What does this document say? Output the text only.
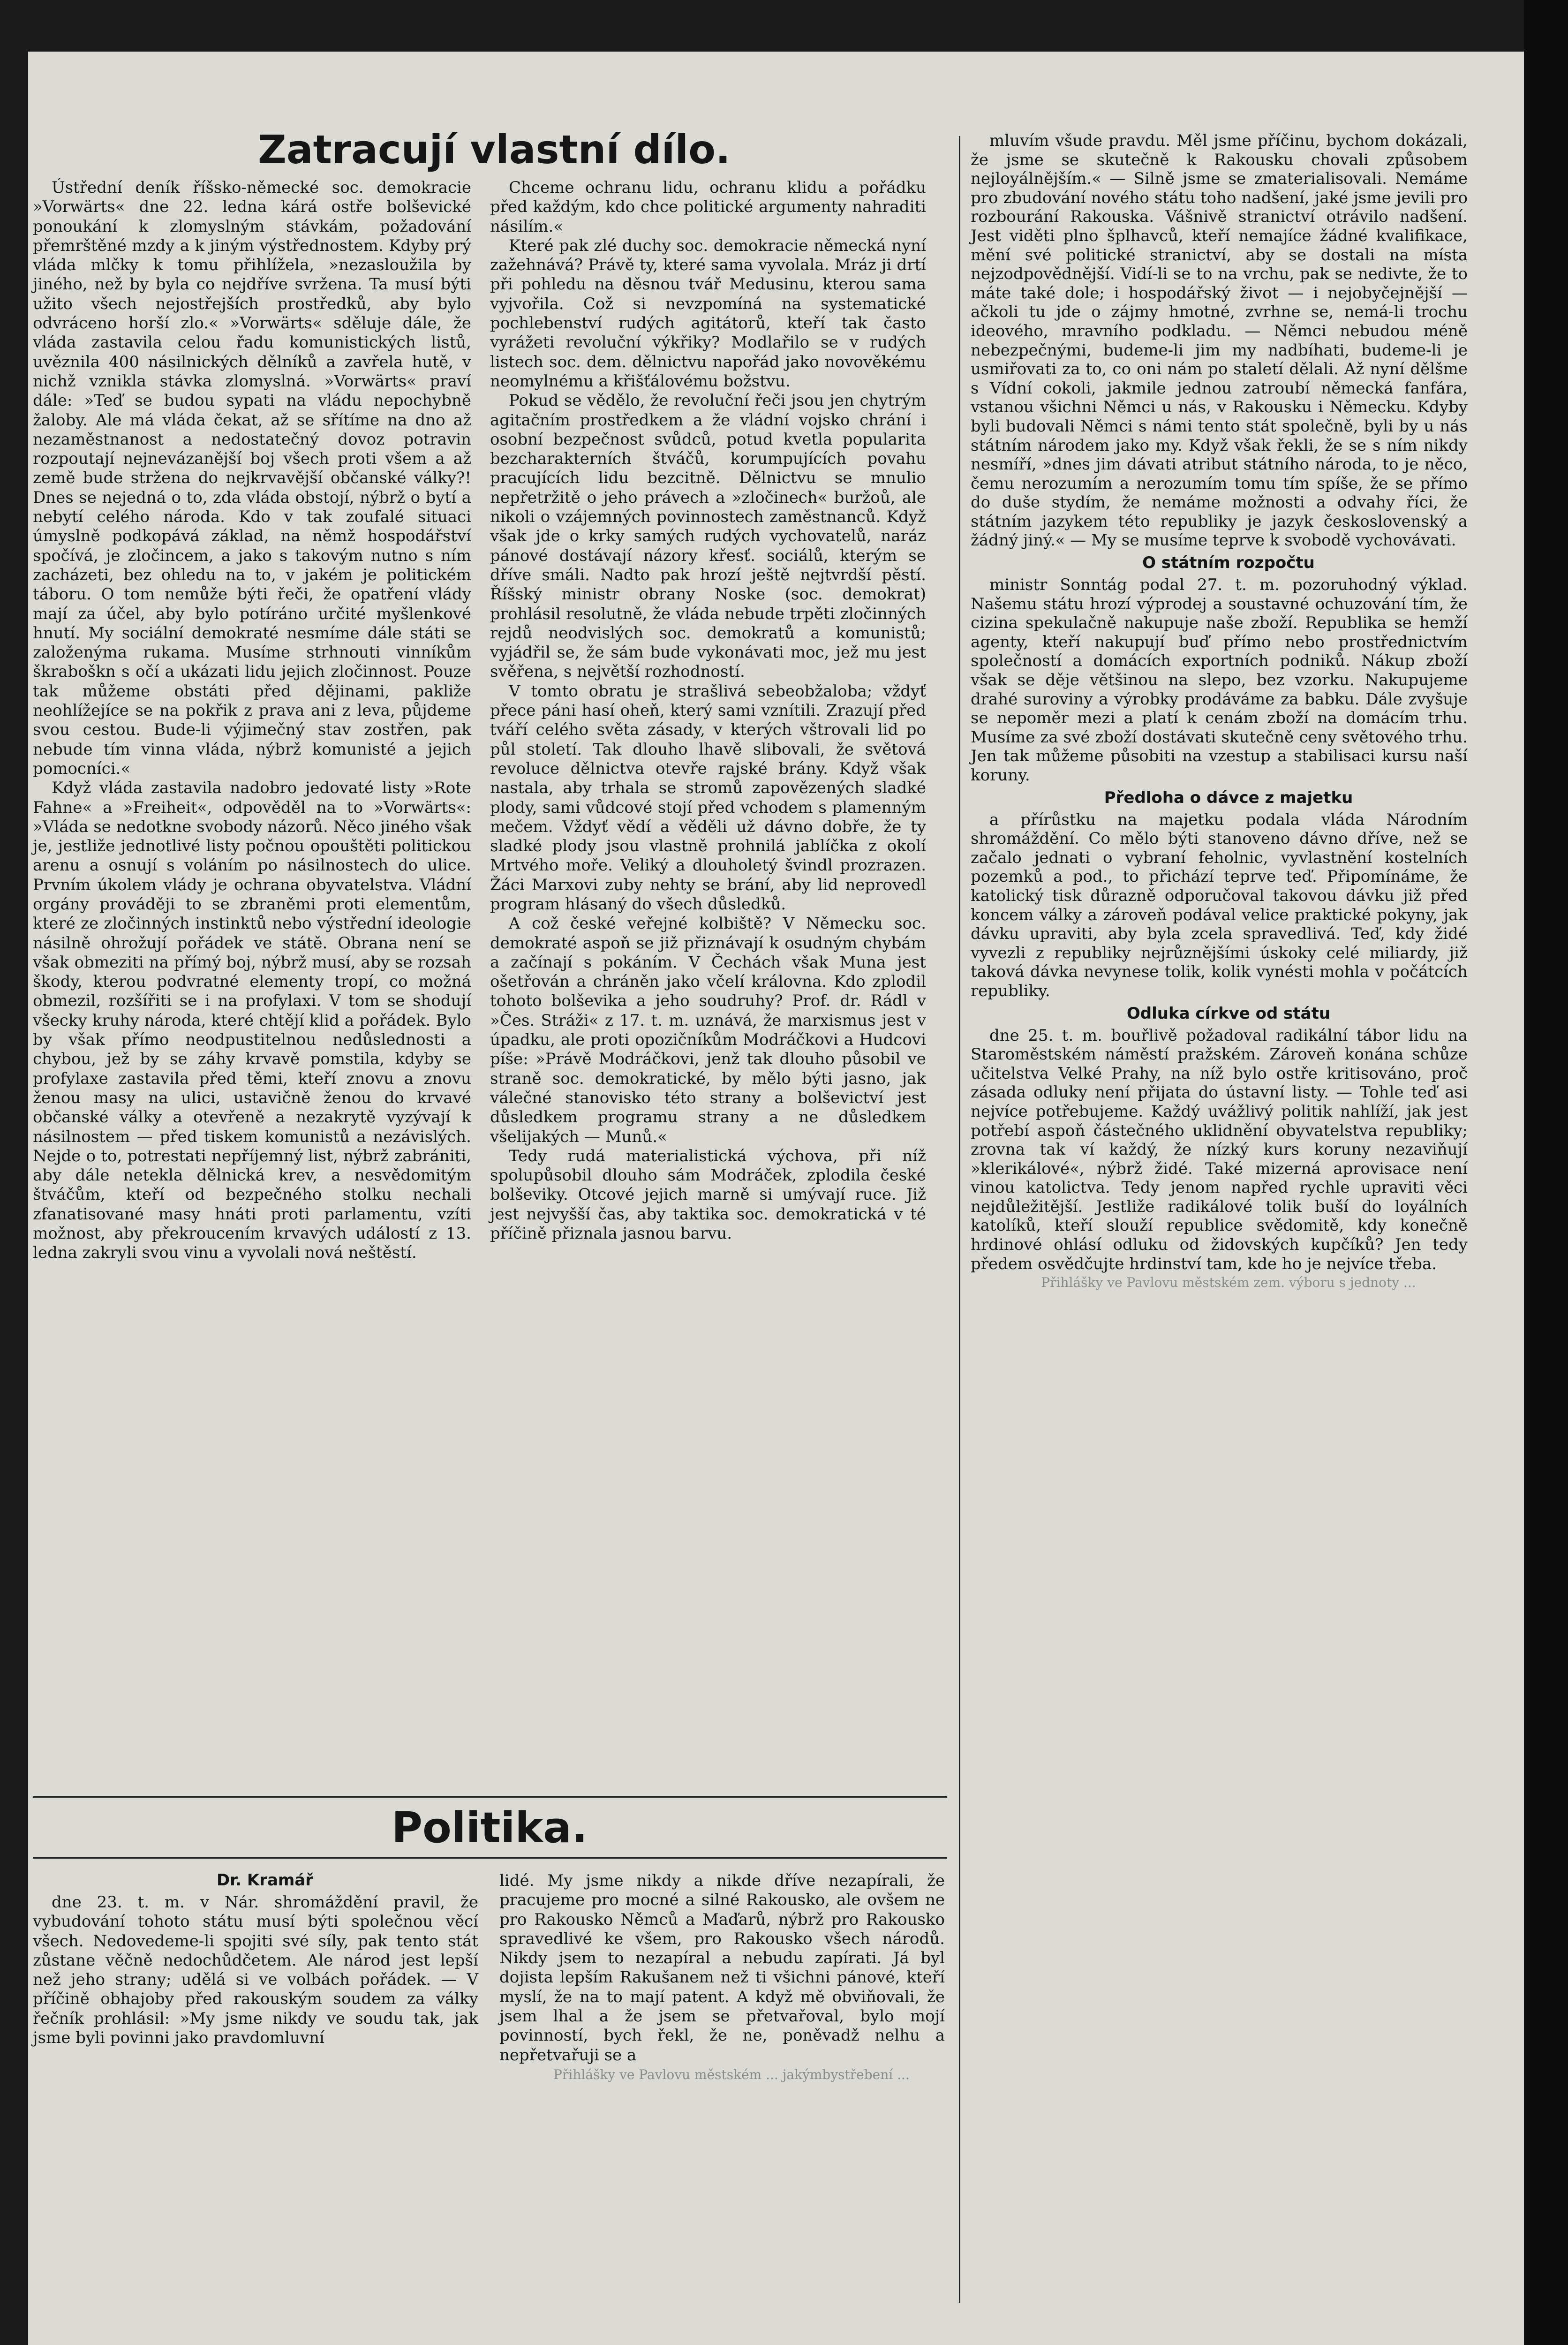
Zatracují vlastní dílo.

Ústřední deník říšsko-německé soc. demokracie »Vorwärts« dne 22. ledna kárá ostře bolševické ponoukání k zlomyslným stávkám, požadování přemrštěné mzdy a k jiným výstřednostem. Kdyby prý vláda mlčky k tomu přihlížela, »nezasloužila by jiného, než by byla co nejdříve svržena. Ta musí býti užito všech nejostřejších prostředků, aby bylo odvráceno horší zlo.« »Vorwärts« sděluje dále, že vláda zastavila celou řadu komunistických listů, uvěznila 400 násilnických dělníků a zavřela hutě, v nichž vznikla stávka zlomyslná. »Vorwärts« praví dále: »Teď se budou sypati na vládu nepochybně žaloby. Ale má vláda čekat, až se sřítíme na dno až nezaměstnanost a nedostatečný dovoz potravin rozpoutají nejnevázanější boj všech proti všem a až země bude stržena do nejkrvavější občanské války?! Dnes se nejedná o to, zda vláda obstojí, nýbrž o bytí a nebytí celého národa. Kdo v tak zoufalé situaci úmyslně podkopává základ, na němž hospodářství spočívá, je zločincem, a jako s takovým nutno s ním zacházeti, bez ohledu na to, v jakém je politickém táboru. O tom nemůže býti řeči, že opatření vlády mají za účel, aby bylo potíráno určité myšlenkové hnutí. My sociální demokraté nesmíme dále státi se založenýma rukama. Musíme strhnouti vinníkům škraboškn s očí a ukázati lidu jejich zločinnost. Pouze tak můžeme obstáti před dějinami, pakliže neohlížejíce se na pokřik z prava ani z leva, půjdeme svou cestou. Bude-li výjimečný stav zostřen, pak nebude tím vinna vláda, nýbrž komunisté a jejich pomocníci.«

Když vláda zastavila nadobro jedovaté listy »Rote Fahne« a »Freiheit«, odpověděl na to »Vorwärts«: »Vláda se nedotkne svobody názorů. Něco jiného však je, jestliže jednotlivé listy počnou opouštěti politickou arenu a osnují s voláním po násilnostech do ulice. Prvním úkolem vlády je ochrana obyvatelstva. Vládní orgány prováději to se zbraněmi proti elementům, které ze zločinných instinktů nebo výstřední ideologie násilně ohrožují pořádek ve státě. Obrana není se však obmeziti na přímý boj, nýbrž musí, aby se rozsah škody, kterou podvratné elementy tropí, co možná obmezil, rozšířiti se i na profylaxi. V tom se shodují všecky kruhy národa, které chtějí klid a pořádek. Bylo by však přímo neodpustitelnou nedůslednosti a chybou, jež by se záhy krvavě pomstila, kdyby se profylaxe zastavila před těmi, kteří znovu a znovu ženou masy na ulici, ustavičně ženou do krvavé občanské války a otevřeně a nezakrytě vyzývají k násilnostem — před tiskem komunistů a nezávislých. Nejde o to, potrestati nepříjemný list, nýbrž zabrániti, aby dále netekla dělnická krev, a nesvědomitým štváčům, kteří od bezpečného stolku nechali zfanatisované masy hnáti proti parlamentu, vzíti možnost, aby překroucením krvavých událostí z 13. ledna zakryli svou vinu a vyvolali nová neštěstí.

Chceme ochranu lidu, ochranu klidu a pořádku před každým, kdo chce politické argumenty nahraditi násilím.«

Které pak zlé duchy soc. demokracie německá nyní zažehnává? Právě ty, které sama vyvolala. Mráz ji drtí při pohledu na děsnou tvář Medusinu, kterou sama vyjvořila. Což si nevzpomíná na systematické pochlebenství rudých agitátorů, kteří tak často vyrážeti revoluční výkřiky? Modlařilo se v rudých listech soc. dem. dělnictvu napořád jako novověkému neomylnému a křišťálovému božstvu.

Pokud se vědělo, že revoluční řeči jsou jen chytrým agitačním prostředkem a že vládní vojsko chrání i osobní bezpečnost svůdců, potud kvetla popularita bezcharakterních štváčů, korumpujících povahu pracujících lidu bezcitně. Dělnictvu se mnulio nepřetržitě o jeho právech a »zločinech« buržoů, ale nikoli o vzájemných povinnostech zaměstnanců. Když však jde o krky samých rudých vychovatelů, naráz pánové dostávají názory křesť. sociálů, kterým se dříve smáli. Nadto pak hrozí ještě nejtvrdší pěstí. Říšský ministr obrany Noske (soc. demokrat) prohlásil resolutně, že vláda nebude trpěti zločinných rejdů neodvislých soc. demokratů a komunistů; vyjádřil se, že sám bude vykonávati moc, jež mu jest svěřena, s největší rozhodností.

V tomto obratu je strašlivá sebeobžaloba; vždyť přece páni hasí oheň, který sami vznítili. Zrazují před tváří celého světa zásady, v kterých vštrovali lid po půl století. Tak dlouho lhavě slibovali, že světová revoluce dělnictva otevře rajské brány. Když však nastala, aby trhala se stromů zapovězených sladké plody, sami vůdcové stojí před vchodem s plamenným mečem. Vždyť vědí a věděli už dávno dobře, že ty sladké plody jsou vlastně prohnilá jablíčka z okolí Mrtvého moře. Veliký a dlouholetý švindl prozrazen. Žáci Marxovi zuby nehty se brání, aby lid neprovedl program hlásaný do všech důsledků.

A což české veřejné kolbiště? V Německu soc. demokraté aspoň se již přiznávají k osudným chybám a začínají s pokáním. V Čechách však Muna jest ošetřován a chráněn jako včelí královna. Kdo zplodil tohoto bolševika a jeho soudruhy? Prof. dr. Rádl v »Čes. Stráži« z 17. t. m. uznává, že marxismus jest v úpadku, ale proti opozičníkům Modráčkovi a Hudcovi píše: »Právě Modráčkovi, jenž tak dlouho působil ve straně soc. demokratické, by mělo býti jasno, jak válečné stanovisko této strany a bolševictví jest důsledkem programu strany a ne důsledkem všelijakých — Munů.«

Tedy rudá materialistická výchova, při níž spolupůsobil dlouho sám Modráček, zplodila české bolševiky. Otcové jejich marně si umývají ruce. Již jest nejvyšší čas, aby taktika soc. demokratická v té příčině přiznala jasnou barvu.

mluvím všude pravdu. Měl jsme příčinu, bychom dokázali, že jsme se skutečně k Rakousku chovali způsobem nejloyálnějším.« — Silně jsme se zmaterialisovali. Nemáme pro zbudování nového státu toho nadšení, jaké jsme jevili pro rozbourání Rakouska. Vášnivě stranictví otrávilo nadšení. Jest viděti plno šplhavců, kteří nemajíce žádné kvalifikace, mění své politické stranictví, aby se dostali na místa nejzodpovědnější. Vidí-li se to na vrchu, pak se nedivte, že to máte také dole; i hospodářský život — i nejobyčejnější — ačkoli tu jde o zájmy hmotné, zvrhne se, nemá-li trochu ideového, mravního podkladu. — Němci nebudou méně nebezpečnými, budeme-li jim my nadbíhati, budeme-li je usmiřovati za to, co oni nám po staletí dělali. Až nyní dělšme s Vídní cokoli, jakmile jednou zatroubí německá fanfára, vstanou všichni Němci u nás, v Rakousku i Německu. Kdyby byli budovali Němci s námi tento stát společně, byli by u nás státním národem jako my. Když však řekli, že se s ním nikdy nesmíří, »dnes jim dávati atribut státního národa, to je něco, čemu nerozumím a nerozumím tomu tím spíše, že se přímo do duše stydím, že nemáme možnosti a odvahy říci, že státním jazykem této republiky je jazyk československý a žádný jiný.« — My se musíme teprve k svobodě vychovávati.

O státním rozpočtu

ministr Sonntág podal 27. t. m. pozoruhodný výklad. Našemu státu hrozí výprodej a soustavné ochuzování tím, že cizina spekulačně nakupuje naše zboží. Republika se hemží agenty, kteří nakupují buď přímo nebo prostřednictvím společností a domácích exportních podniků. Nákup zboží však se děje většinou na slepo, bez vzorku. Nakupujeme drahé suroviny a výrobky prodáváme za babku. Dále zvyšuje se nepoměr mezi a platí k cenám zboží na domácím trhu. Musíme za své zboží dostávati skutečně ceny světového trhu. Jen tak můžeme působiti na vzestup a stabilisaci kursu naší koruny.

Předloha o dávce z majetku

a přírůstku na majetku podala vláda Národním shromáždění. Co mělo býti stanoveno dávno dříve, než se začalo jednati o vybraní feholnic, vyvlastnění kostelních pozemků a pod., to přichází teprve teď. Připomínáme, že katolický tisk důrazně odporučoval takovou dávku již před koncem války a zároveň podával velice praktické pokyny, jak dávku upraviti, aby byla zcela spravedlivá. Teď, kdy židé vyvezli z republiky nejrůznějšími úskoky celé miliardy, již taková dávka nevynese tolik, kolik vynésti mohla v počátcích republiky.

Odluka církve od státu

dne 25. t. m. bouřlivě požadoval radikální tábor lidu na Staroměstském náměstí pražském. Zároveň konána schůze učitelstva Velké Prahy, na níž bylo ostře kritisováno, proč zásada odluky není přijata do ústavní listy. — Tohle teď asi nejvíce potřebujeme. Každý uvážlivý politik nahlíží, jak jest potřebí aspoň částečného uklidnění obyvatelstva republiky; zrovna tak ví každý, že nízký kurs koruny nezaviňují »klerikálové«, nýbrž židé. Také mizerná aprovisace není vinou katolictva. Tedy jenom napřed rychle upraviti věci nejdůležitější. Jestliže radikálové tolik buší do loyálních katolíků, kteří slouží republice svědomitě, kdy konečně hrdinové ohlásí odluku od židovských kupčíků? Jen tedy předem osvědčujte hrdinství tam, kde ho je nejvíce třeba.

Přihlášky ve Pavlovu městském zem. výboru s jednoty ...

Politika.

Dr. Kramář

dne 23. t. m. v Nár. shromáždění pravil, že vybudování tohoto státu musí býti společnou věcí všech. Nedovedeme-li spojiti své síly, pak tento stát zůstane věčně nedochůdčetem. Ale národ jest lepší než jeho strany; udělá si ve volbách pořádek. — V příčině obhajoby před rakouským soudem za války řečník prohlásil: »My jsme nikdy ve soudu tak, jak jsme byli povinni jako pravdomluvní

lidé. My jsme nikdy a nikde dříve nezapírali, že pracujeme pro mocné a silné Rakousko, ale ovšem ne pro Rakousko Němců a Maďarů, nýbrž pro Rakousko spravedlivé ke všem, pro Rakousko všech národů. Nikdy jsem to nezapíral a nebudu zapírati. Já byl dojista lepším Rakušanem než ti všichni pánové, kteří myslí, že na to mají patent. A když mě obviňovali, že jsem lhal a že jsem se přetvařoval, bylo mojí povinností, bych řekl, že ne, poněvadž nelhu a nepřetvařuji se a

Přihlášky ve Pavlovu městském ... jakýmbystřebení ...
